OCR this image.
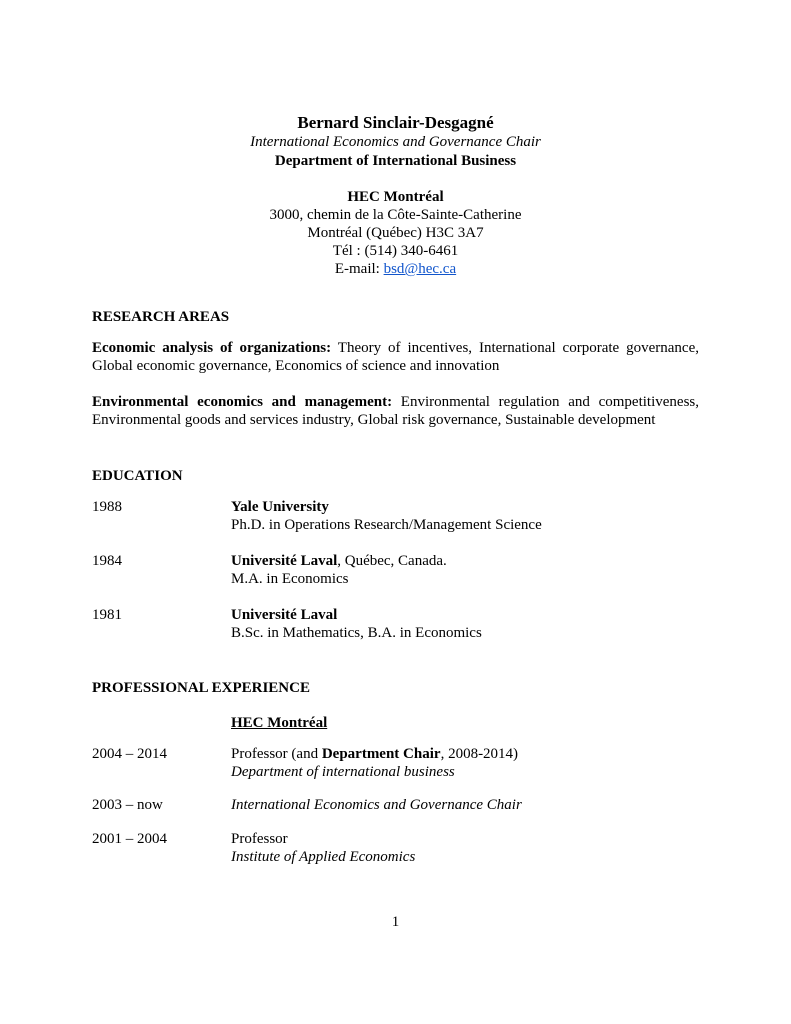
Bernard Sinclair-Desgagné
International Economics and Governance Chair
Department of International Business
HEC Montréal
3000, chemin de la Côte-Sainte-Catherine
Montréal (Québec) H3C 3A7
Tél : (514) 340-6461
E-mail: bsd@hec.ca
RESEARCH AREAS
Economic analysis of organizations: Theory of incentives, International corporate governance, Global economic governance, Economics of science and innovation
Environmental economics and management: Environmental regulation and competitiveness, Environmental goods and services industry, Global risk governance, Sustainable development
EDUCATION
1988	Yale University
Ph.D. in Operations Research/Management Science
1984	Université Laval, Québec, Canada.
M.A. in Economics
1981	Université Laval
B.Sc. in Mathematics, B.A. in Economics
PROFESSIONAL EXPERIENCE
HEC Montréal
2004 – 2014	Professor (and Department Chair, 2008-2014)
Department of international business
2003 – now	International Economics and Governance Chair
2001 – 2004	Professor
Institute of Applied Economics
1
